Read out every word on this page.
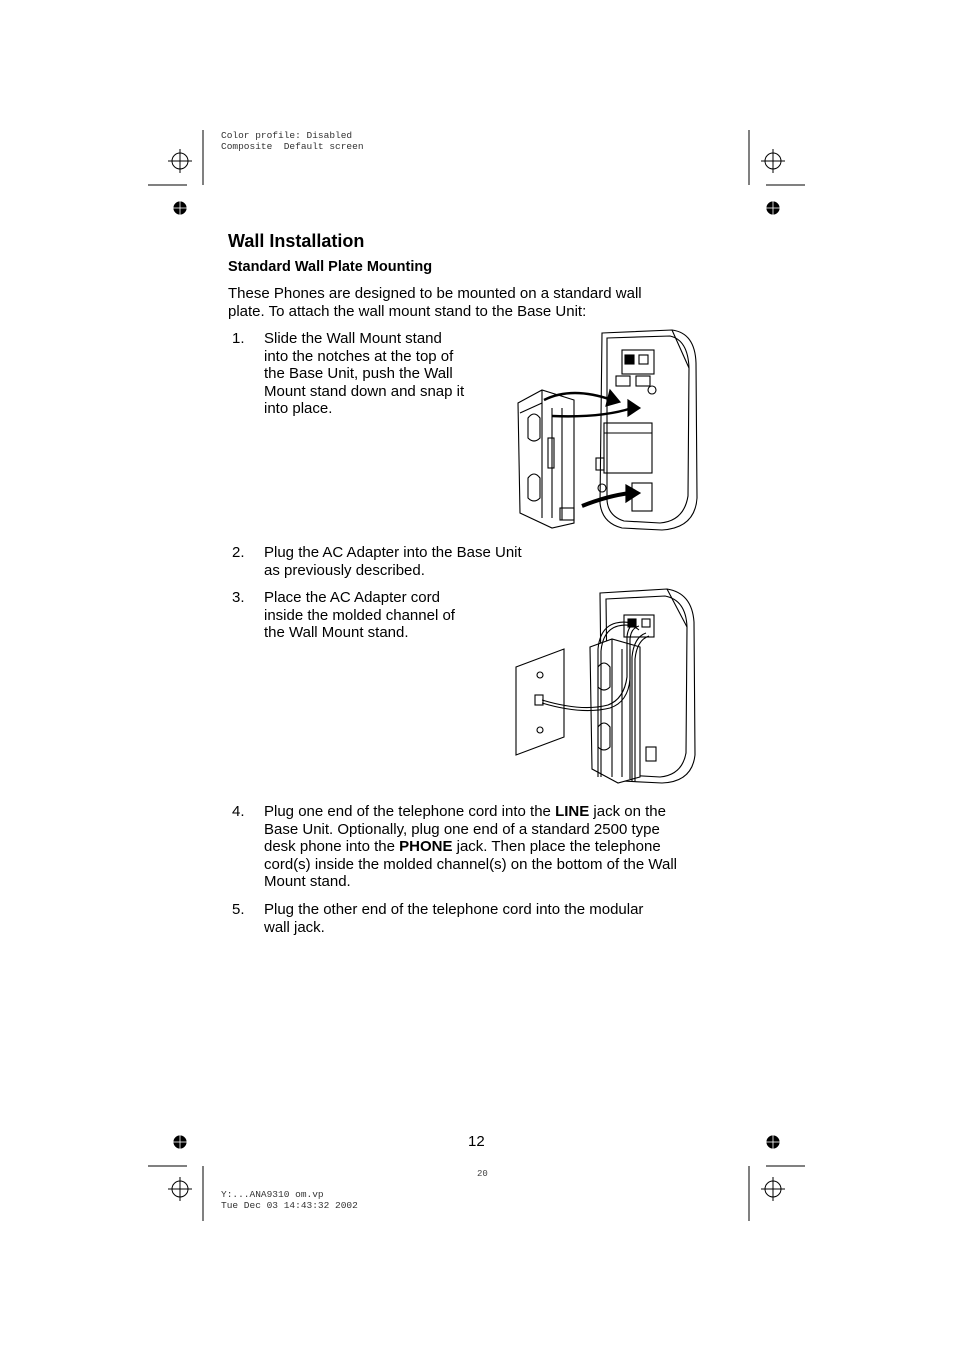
Color profile: Disabled
Composite  Default screen
Wall Installation
Standard Wall Plate Mounting
These Phones are designed to be mounted on a standard wall
plate. To attach the wall mount stand to the Base Unit:
1.	Slide the Wall Mount stand
into the notches at the top of
the Base Unit, push the Wall
Mount stand down and snap it
into place.
2.	Plug the AC Adapter into the Base Unit
as previously described.
3.	Place the AC Adapter cord
inside the molded channel of
the Wall Mount stand.
4.	Plug one end of the telephone cord into the LINE jack on the
Base Unit. Optionally, plug one end of a standard 2500 type
desk phone into the PHONE jack. Then place the telephone
cord(s) inside the molded channel(s) on the bottom of the Wall
Mount stand.
5.	Plug the other end of the telephone cord into the modular
wall jack.
12
20
Y:...ANA9310 om.vp
Tue Dec 03 14:43:32 2002
